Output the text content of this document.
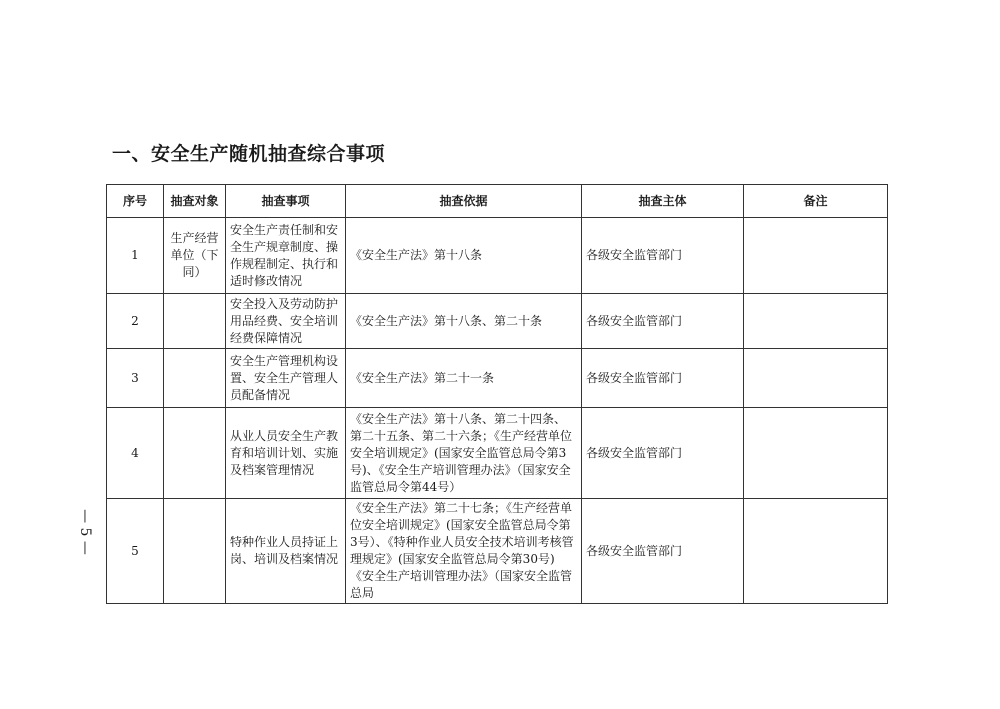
— 5 —
一、安全生产随机抽查综合事项
序号	抽查对象	抽查事项	抽查依据	抽查主体	备注
1	生产经营单位（下同）	安全生产责任制和安全生产规章制度、操作规程制定、执行和适时修改情况	《安全生产法》第十八条	各级安全监管部门	
2		安全投入及劳动防护用品经费、安全培训经费保障情况	《安全生产法》第十八条、第二十条	各级安全监管部门	
3		安全生产管理机构设置、安全生产管理人员配备情况	《安全生产法》第二十一条	各级安全监管部门	
4		从业人员安全生产教育和培训计划、实施及档案管理情况	《安全生产法》第十八条、第二十四条、第二十五条、第二十六条；《生产经营单位安全培训规定》(国家安全监管总局令第3号)、《安全生产培训管理办法》（国家安全监管总局令第44号）	各级安全监管部门	
5		特种作业人员持证上岗、培训及档案情况	《安全生产法》第二十七条；《生产经营单位安全培训规定》(国家安全监管总局令第3号）、《特种作业人员安全技术培训考核管理规定》(国家安全监管总局令第30号)《安全生产培训管理办法》（国家安全监管总局	各级安全监管部门	
